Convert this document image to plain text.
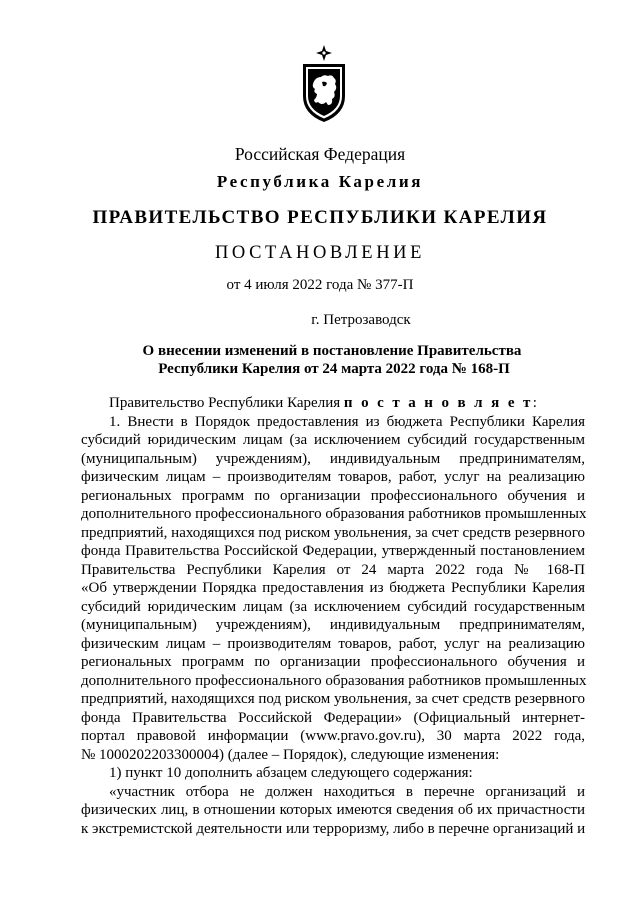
Российская Федерация
Республика Карелия
ПРАВИТЕЛЬСТВО РЕСПУБЛИКИ КАРЕЛИЯ
ПОСТАНОВЛЕНИЕ
от 4 июля 2022 года № 377-П
г. Петрозаводск
О внесении изменений в постановление Правительства
Республики Карелия от 24 марта 2022 года № 168-П

Правительство Республики Карелия п о с т а н о в л я е т:

1. Внести в Порядок предоставления из бюджета Республики Карелия

субсидий юридическим лицам (за исключением субсидий государственным

(муниципальным) учреждениям), индивидуальным предпринимателям,

физическим лицам – производителям товаров, работ, услуг на реализацию

региональных программ по организации профессионального обучения и

дополнительного профессионального образования работников промышленных

предприятий, находящихся под риском увольнения, за счет средств резервного

фонда Правительства Российской Федерации, утвержденный постановлением

Правительства Республики Карелия от 24 марта 2022 года № 168-П

«Об утверждении Порядка предоставления из бюджета Республики Карелия

субсидий юридическим лицам (за исключением субсидий государственным

(муниципальным) учреждениям), индивидуальным предпринимателям,

физическим лицам – производителям товаров, работ, услуг на реализацию

региональных программ по организации профессионального обучения и

дополнительного профессионального образования работников промышленных

предприятий, находящихся под риском увольнения, за счет средств резервного

фонда Правительства Российской Федерации» (Официальный интернет-

портал правовой информации (www.pravo.gov.ru), 30 марта 2022 года,

№ 1000202203300004) (далее – Порядок), следующие изменения:

1) пункт 10 дополнить абзацем следующего содержания:

«участник отбора не должен находиться в перечне организаций и

физических лиц, в отношении которых имеются сведения об их причастности

к экстремистской деятельности или терроризму, либо в перечне организаций и
